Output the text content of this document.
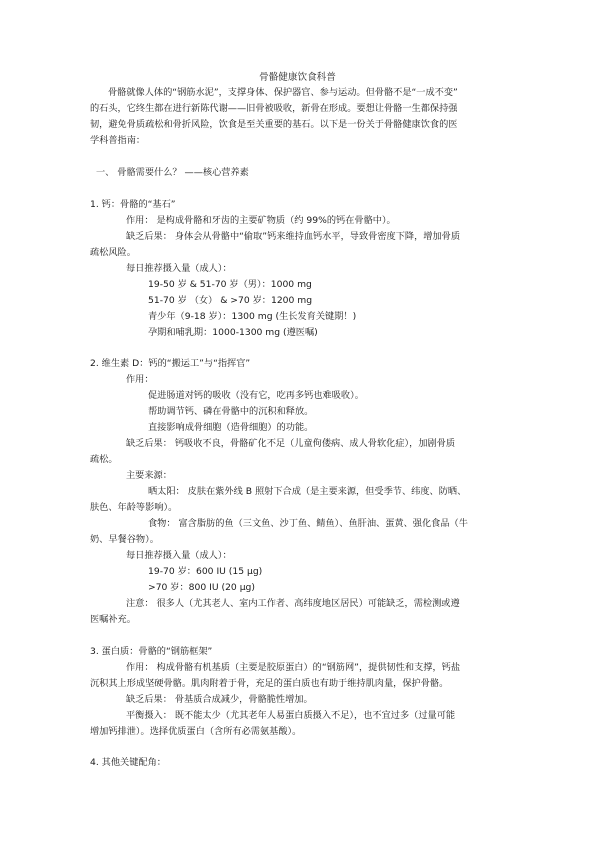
骨骼健康饮食科普
骨骼就像人体的“钢筋水泥”，支撑身体、保护器官、参与运动。但骨骼不是“一成不变”
的石头，它终生都在进行新陈代谢——旧骨被吸收，新骨在形成。要想让骨骼一生都保持强
韧，避免骨质疏松和骨折风险，饮食是至关重要的基石。以下是一份关于骨骼健康饮食的医
学科普指南：
一、 骨骼需要什么？ ——核心营养素
1. 钙：骨骼的“基石”
作用： 是构成骨骼和牙齿的主要矿物质（约 99%的钙在骨骼中）。
缺乏后果： 身体会从骨骼中“偷取”钙来维持血钙水平，导致骨密度下降，增加骨质
疏松风险。
每日推荐摄入量（成人）：
19-50 岁 & 51-70 岁（男）：1000 mg
51-70 岁 （女） & >70 岁：1200 mg
青少年（9-18 岁）：1300 mg (生长发育关键期！)
孕期和哺乳期：1000-1300 mg (遵医嘱)
2. 维生素 D：钙的“搬运工”与“指挥官”
作用：
促进肠道对钙的吸收（没有它，吃再多钙也难吸收）。
帮助调节钙、磷在骨骼中的沉积和释放。
直接影响成骨细胞（造骨细胞）的功能。
缺乏后果： 钙吸收不良，骨骼矿化不足（儿童佝偻病、成人骨软化症），加剧骨质
疏松。
主要来源：
晒太阳： 皮肤在紫外线 B 照射下合成（是主要来源，但受季节、纬度、防晒、
肤色、年龄等影响）。
食物： 富含脂肪的鱼（三文鱼、沙丁鱼、鲭鱼）、鱼肝油、蛋黄、强化食品（牛
奶、早餐谷物）。
每日推荐摄入量（成人）：
19-70 岁：600 IU (15 μg)
>70 岁：800 IU (20 μg)
注意： 很多人（尤其老人、室内工作者、高纬度地区居民）可能缺乏，需检测或遵
医嘱补充。
3. 蛋白质：骨骼的“钢筋框架”
作用： 构成骨骼有机基质（主要是胶原蛋白）的“钢筋网”，提供韧性和支撑，钙盐
沉积其上形成坚硬骨骼。肌肉附着于骨，充足的蛋白质也有助于维持肌肉量，保护骨骼。
缺乏后果： 骨基质合成减少，骨骼脆性增加。
平衡摄入： 既不能太少（尤其老年人易蛋白质摄入不足），也不宜过多（过量可能
增加钙排泄）。选择优质蛋白（含所有必需氨基酸）。
4. 其他关键配角：
